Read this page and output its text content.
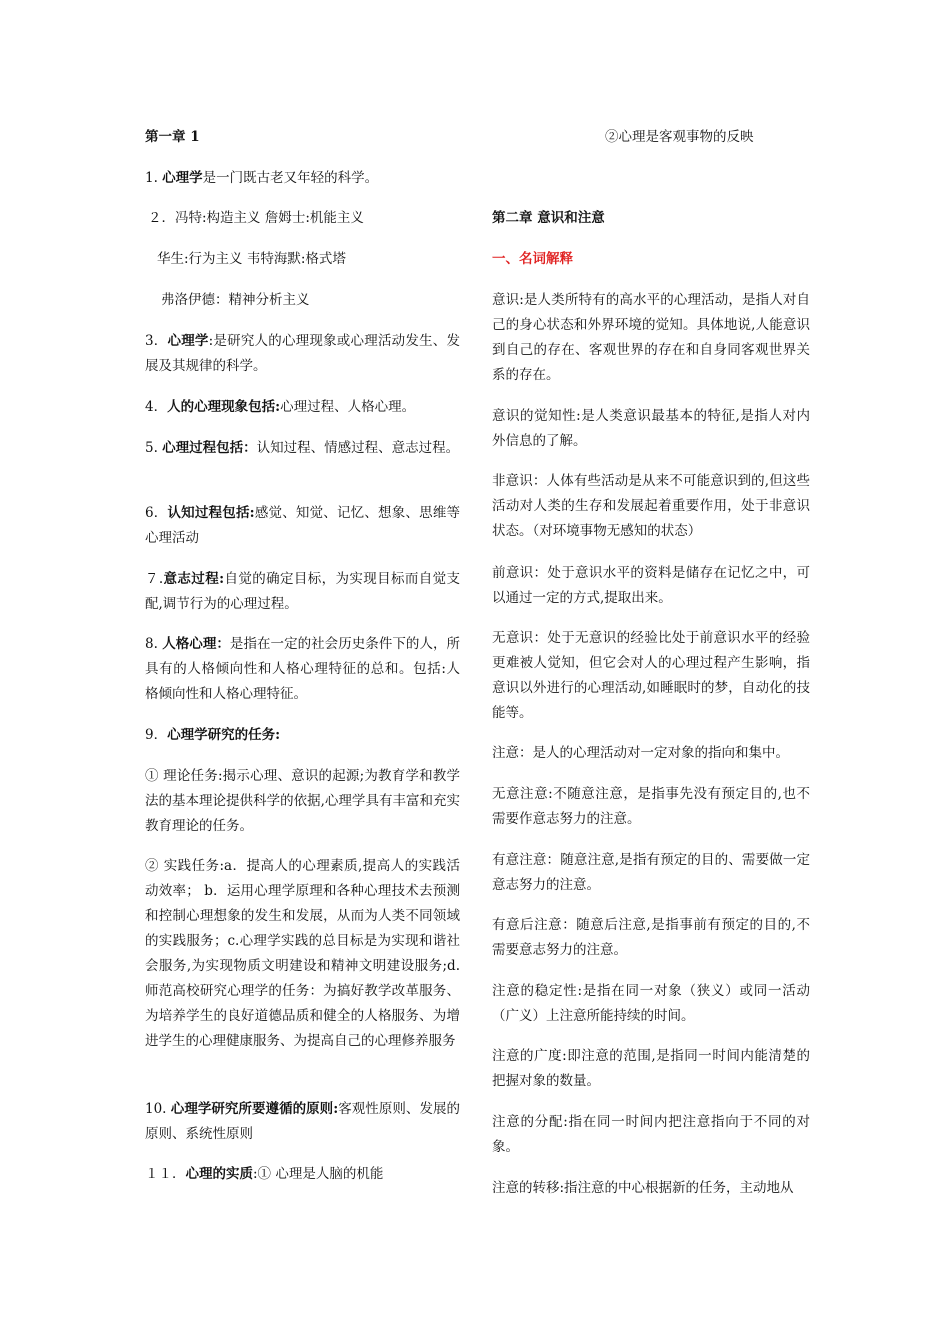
第一章 1

1. 心理学是一门既古老又年轻的科学。

２．冯特:构造主义 詹姆士:机能主义

华生:行为主义 韦特海默:格式塔

弗洛伊德：精神分析主义

3．心理学:是研究人的心理现象或心理活动发生、发展及其规律的科学。

4．人的心理现象包括:心理过程、人格心理。

5. 心理过程包括：认知过程、情感过程、意志过程。

6．认知过程包括:感觉、知觉、记忆、想象、思维等心理活动

７.意志过程:自觉的确定目标，为实现目标而自觉支配,调节行为的心理过程。

8. 人格心理：是指在一定的社会历史条件下的人，所具有的人格倾向性和人格心理特征的总和。包括:人格倾向性和人格心理特征。

9．心理学研究的任务:

① 理论任务:揭示心理、意识的起源;为教育学和教学法的基本理论提供科学的依据,心理学具有丰富和充实教育理论的任务。

② 实践任务:a．提高人的心理素质,提高人的实践活动效率； b．运用心理学原理和各种心理技术去预测和控制心理想象的发生和发展，从而为人类不同领域的实践服务；c.心理学实践的总目标是为实现和谐社会服务,为实现物质文明建设和精神文明建设服务;d.师范高校研究心理学的任务：为搞好教学改革服务、为培养学生的良好道德品质和健全的人格服务、为增进学生的心理健康服务、为提高自己的心理修养服务

10. 心理学研究所要遵循的原则:客观性原则、发展的原则、系统性原则

１１．心理的实质:① 心理是人脑的机能

②心理是客观事物的反映

第二章 意识和注意

一、名词解释

意识:是人类所特有的高水平的心理活动，是指人对自己的身心状态和外界环境的觉知。具体地说,人能意识到自己的存在、客观世界的存在和自身同客观世界关系的存在。

意识的觉知性:是人类意识最基本的特征,是指人对内外信息的了解。

非意识：人体有些活动是从来不可能意识到的,但这些活动对人类的生存和发展起着重要作用，处于非意识状态。（对环境事物无感知的状态）

前意识：处于意识水平的资料是储存在记忆之中，可以通过一定的方式,提取出来。

无意识：处于无意识的经验比处于前意识水平的经验更难被人觉知，但它会对人的心理过程产生影响，指意识以外进行的心理活动,如睡眠时的梦，自动化的技能等。

注意：是人的心理活动对一定对象的指向和集中。

无意注意:不随意注意，是指事先没有预定目的,也不需要作意志努力的注意。

有意注意：随意注意,是指有预定的目的、需要做一定意志努力的注意。

有意后注意：随意后注意,是指事前有预定的目的,不需要意志努力的注意。

注意的稳定性:是指在同一对象（狭义）或同一活动（广义）上注意所能持续的时间。

注意的广度:即注意的范围,是指同一时间内能清楚的把握对象的数量。

注意的分配:指在同一时间内把注意指向于不同的对象。

注意的转移:指注意的中心根据新的任务，主动地从
